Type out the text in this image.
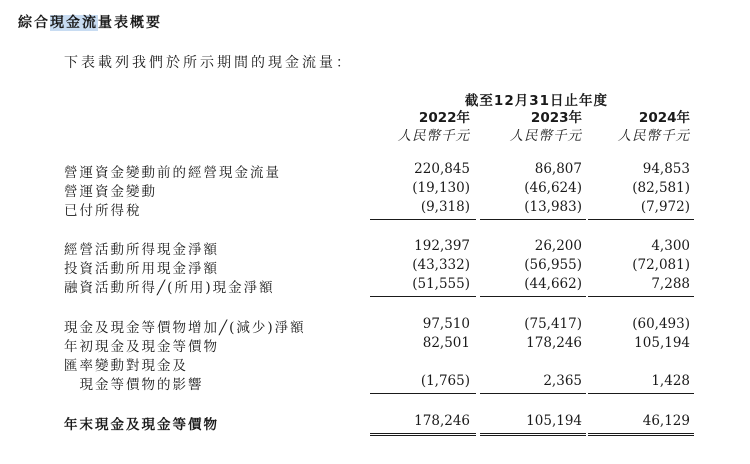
綜合現金流量表概要
下表載列我們於所示期間的現金流量：
截至12月31日止年度
2022年	2023年	2024年
人民幣千元	人民幣千元	人民幣千元
營運資金變動前的經營現金流量	220,845	86,807	94,853
營運資金變動	(19,130)	(46,624)	(82,581)
已付所得稅	(9,318)	(13,983)	(7,972)
經營活動所得現金淨額	192,397	26,200	4,300
投資活動所用現金淨額	(43,332)	(56,955)	(72,081)
融資活動所得╱(所用)現金淨額	(51,555)	(44,662)	7,288
現金及現金等價物增加╱(減少)淨額	97,510	(75,417)	(60,493)
年初現金及現金等價物	82,501	178,246	105,194
匯率變動對現金及
　現金等價物的影響	(1,765)	2,365	1,428
年末現金及現金等價物	178,246	105,194	46,129
